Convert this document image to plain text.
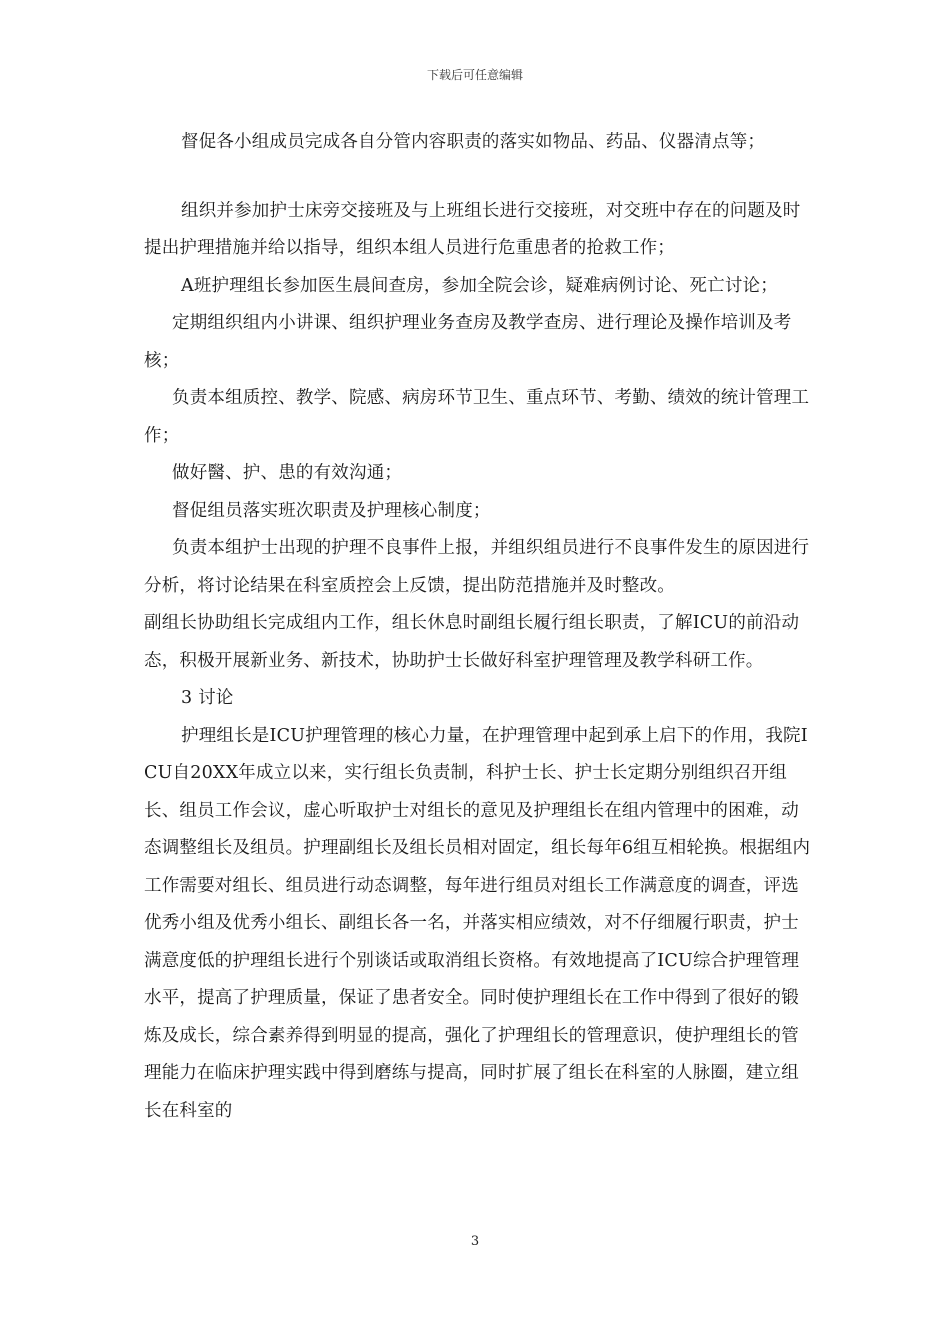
下载后可任意编辑

督促各小组成员完成各自分管内容职责的落实如物品、药品、仪器清点等；

组织并参加护士床旁交接班及与上班组长进行交接班，对交班中存在的问题及时提出护理措施并给以指导，组织本组人员进行危重患者的抢救工作；

A班护理组长参加医生晨间查房，参加全院会诊，疑难病例讨论、死亡讨论；

定期组织组内小讲课、组织护理业务查房及教学查房、进行理论及操作培训及考核；

负责本组质控、教学、院感、病房环节卫生、重点环节、考勤、绩效的统计管理工作；

做好醫、护、患的有效沟通；

督促组员落实班次职责及护理核心制度；

负责本组护士出现的护理不良事件上报，并组织组员进行不良事件发生的原因进行分析，将讨论结果在科室质控会上反馈，提出防范措施并及时整改。

副组长协助组长完成组内工作，组长休息时副组长履行组长职责，了解ICU的前沿动态，积极开展新业务、新技术，协助护士长做好科室护理管理及教学科研工作。

3 讨论

护理组长是ICU护理管理的核心力量，在护理管理中起到承上启下的作用，我院ICU自20XX年成立以来，实行组长负责制，科护士长、护士长定期分别组织召开组长、组员工作会议，虚心听取护士对组长的意见及护理组长在组内管理中的困难，动态调整组长及组员。护理副组长及组长员相对固定，组长每年6组互相轮换。根据组内工作需要对组长、组员进行动态调整，每年进行组员对组长工作满意度的调查，评选优秀小组及优秀小组长、副组长各一名，并落实相应绩效，对不仔细履行职责，护士满意度低的护理组长进行个别谈话或取消组长资格。有效地提高了ICU综合护理管理水平，提高了护理质量，保证了患者安全。同时使护理组长在工作中得到了很好的锻炼及成长，综合素养得到明显的提高，强化了护理组长的管理意识，使护理组长的管理能力在临床护理实践中得到磨练与提高，同时扩展了组长在科室的人脉圈，建立组长在科室的

3
